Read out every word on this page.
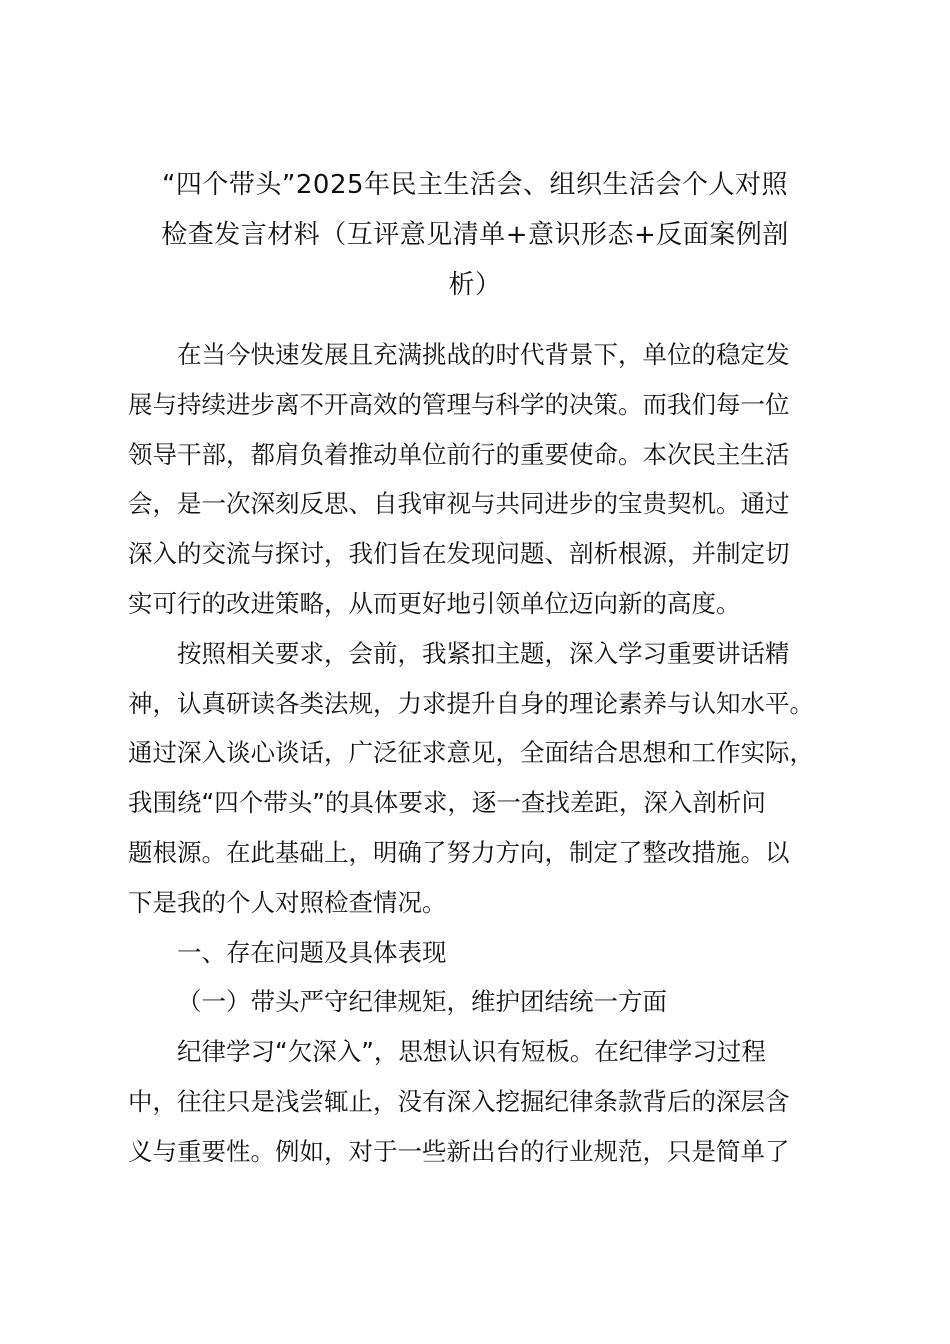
“四个带头”2025年民主生活会、组织生活会个人对照
检查发言材料（互评意见清单+意识形态+反面案例剖
析）

在当今快速发展且充满挑战的时代背景下，单位的稳定发
展与持续进步离不开高效的管理与科学的决策。而我们每一位
领导干部，都肩负着推动单位前行的重要使命。本次民主生活
会，是一次深刻反思、自我审视与共同进步的宝贵契机。通过
深入的交流与探讨，我们旨在发现问题、剖析根源，并制定切
实可行的改进策略，从而更好地引领单位迈向新的高度。

按照相关要求，会前，我紧扣主题，深入学习重要讲话精
神，认真研读各类法规，力求提升自身的理论素养与认知水平。
通过深入谈心谈话，广泛征求意见，全面结合思想和工作实际，
我围绕“四个带头”的具体要求，逐一查找差距，深入剖析问
题根源。在此基础上，明确了努力方向，制定了整改措施。以
下是我的个人对照检查情况。

一、存在问题及具体表现

（一）带头严守纪律规矩，维护团结统一方面

纪律学习“欠深入”，思想认识有短板。在纪律学习过程
中，往往只是浅尝辄止，没有深入挖掘纪律条款背后的深层含
义与重要性。例如，对于一些新出台的行业规范，只是简单了
